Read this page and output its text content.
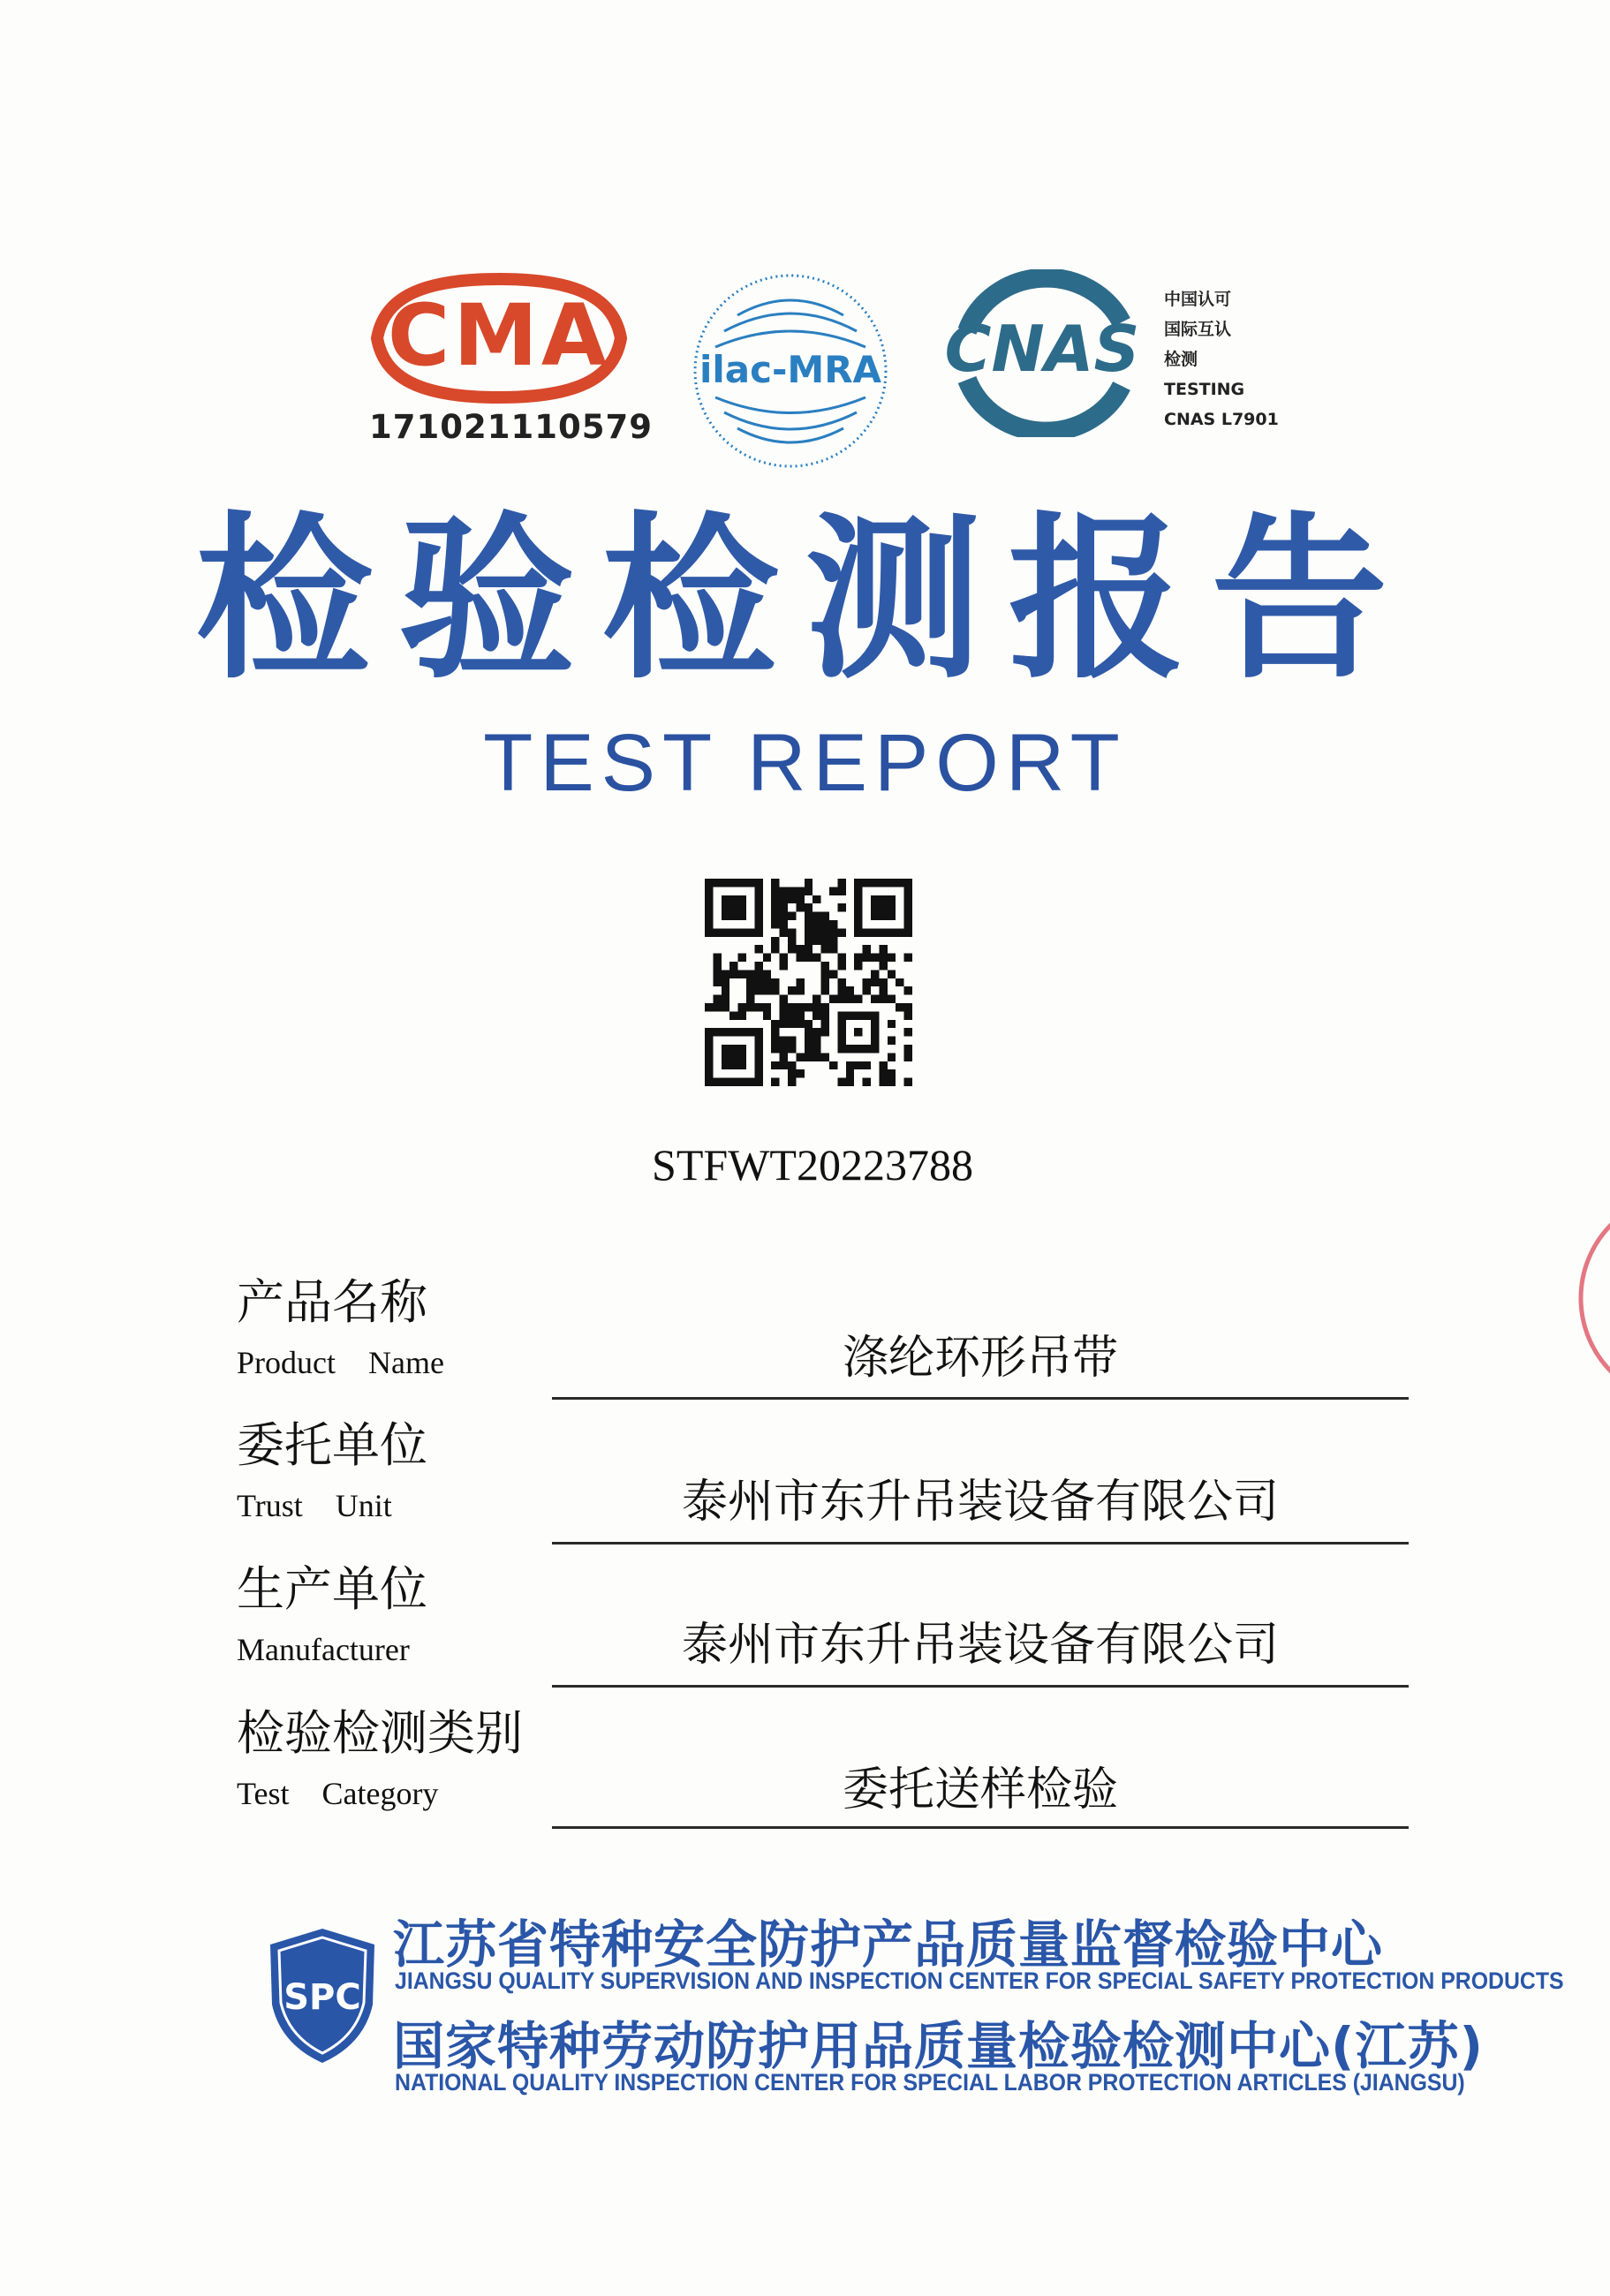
CMA
171021110579
ilac-MRA CNAS
中国认可
国际互认
检测
TESTING
CNAS L7901
检验检测报告
TEST REPORT
STFWT20223788
产品名称
Product Name	涤纶环形吊带
委托单位
Trust Unit	泰州市东升吊装设备有限公司
生产单位
Manufacturer	泰州市东升吊装设备有限公司
检验检测类别
Test Category	委托送样检验
SPC
江苏省特种安全防护产品质量监督检验中心
JIANGSU QUALITY SUPERVISION AND INSPECTION CENTER FOR SPECIAL SAFETY PROTECTION PRODUCTS
国家特种劳动防护用品质量检验检测中心(江苏)
NATIONAL QUALITY INSPECTION CENTER FOR SPECIAL LABOR PROTECTION ARTICLES (JIANGSU)
